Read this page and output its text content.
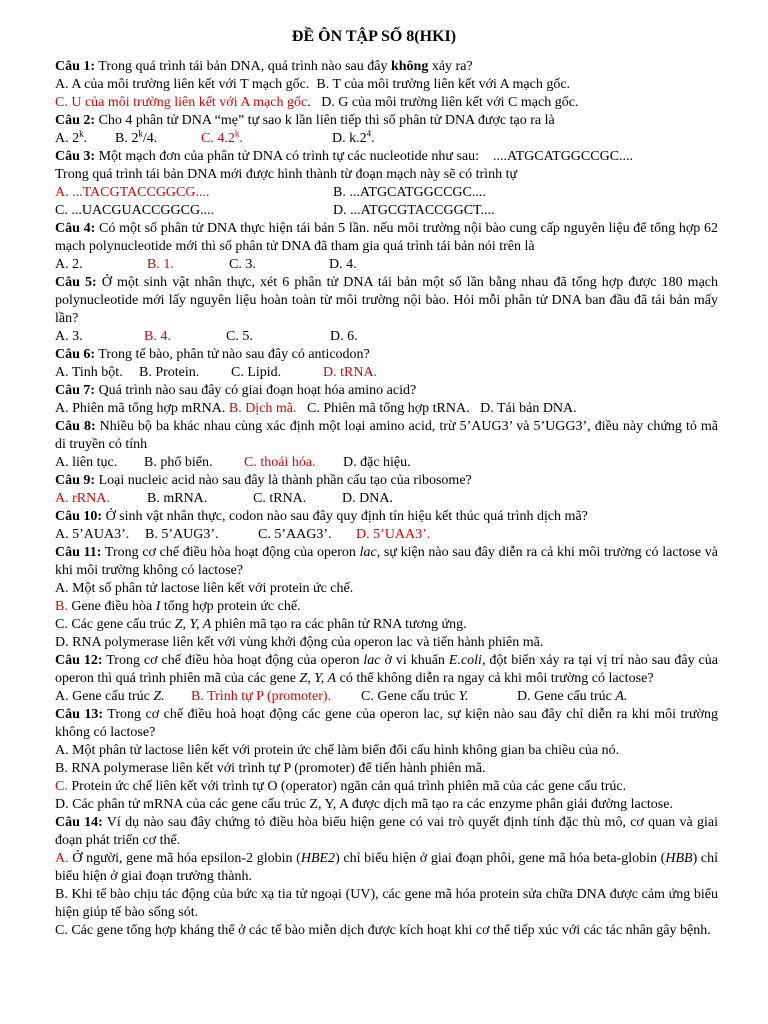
ĐỀ ÔN TẬP SỐ 8(HKI)
Câu 1: Trong quá trình tái bản DNA, quá trình nào sau đây không xảy ra?
A. A của môi trường liên kết với T mạch gốc. B. T của môi trường liên kết với A mạch gốc.
C. U của môi trường liên kết với A mạch gốc. D. G của môi trường liên kết với C mạch gốc.
Câu 2: Cho 4 phân tử DNA “mẹ” tự sao k lần liên tiếp thì số phân tử DNA được tạo ra là
A. 2$^k$.	B. 2$^k$/4.	C. 4.2$^k$.	D. $k.2^4$.
Câu 3: Một mạch đơn của phân tử DNA có trình tự các nucleotide như sau:    ....ATGCATGGCCGC....
Trong quá trình tái bản DNA mới được hình thành từ đoạn mạch này sẽ có trình tự
A. ...TACGTACCGGCG....	B. ...ATGCATGGCCGC....
C. ...UACGUACCGGCG....	D. ...ATGCGTACCGGCT....
Câu 4: Có một số phân tử DNA thực hiện tái bản 5 lần. nếu môi trường nội bào cung cấp nguyên liệu để tổng hợp 62 mạch polynucleotide mới thì số phân tử DNA đã tham gia quá trình tái bản nói trên là
A. 2.	B. 1.	C. 3.	D. 4.
Câu 5: Ở một sinh vật nhân thực, xét 6 phân tử DNA tái bản một số lần bằng nhau đã tổng hợp được 180 mạch polynucleotide mới lấy nguyên liệu hoàn toàn từ môi trường nội bào. Hỏi mỗi phân tử DNA ban đầu đã tái bản mấy lần?
A. 3.	B. 4.	C. 5.	D. 6.
Câu 6: Trong tế bào, phân tử nào sau đây có anticodon?
A. Tinh bột.	B. Protein.	C. Lipid.	D. tRNA.
Câu 7: Quá trình nào sau đây có giai đoạn hoạt hóa amino acid?
A. Phiên mã tổng hợp mRNA. B. Dịch mã. C. Phiên mã tổng hợp tRNA. D. Tái bản DNA.
Câu 8: Nhiều bộ ba khác nhau cùng xác định một loại amino acid, trừ 5’AUG3’ và 5’UGG3’, điều này chứng tỏ mã di truyền có tính
A. liên tục.	B. phổ biến.	C. thoái hóa.	D. đặc hiệu.
Câu 9: Loại nucleic acid nào sau đây là thành phần cấu tạo của ribosome?
A. rRNA.	B. mRNA.	C. tRNA.	D. DNA.
Câu 10: Ở sinh vật nhân thực, codon nào sau đây quy định tín hiệu kết thúc quá trình dịch mã?
A. 5’AUA3’.	B. 5’AUG3’.	C. 5’AAG3’.	D. 5’UAA3’.
Câu 11: Trong cơ chế điều hòa hoạt động của operon lac, sự kiện nào sau đây diễn ra cả khi môi trường có lactose và khi môi trường không có lactose?
A. Một số phân tử lactose liên kết với protein ức chế.
B. Gene điều hòa I tổng hợp protein ức chế.
C. Các gene cấu trúc Z, Y, A phiên mã tạo ra các phân tử RNA tương ứng.
D. RNA polymerase liên kết với vùng khởi động của operon lac và tiến hành phiên mã.
Câu 12: Trong cơ chế điều hòa hoạt động của operon lac ở vi khuẩn E.coli, đột biến xảy ra tại vị trí nào sau đây của operon thì quá trình phiên mã của các gene Z, Y, A có thể không diễn ra ngay cả khi môi trường có lactose?
A. Gene cấu trúc Z.	B. Trình tự P (promoter).	C. Gene cấu trúc Y.	D. Gene cấu trúc A.
Câu 13: Trong cơ chế điều hoà hoạt động các gene của operon lac, sự kiện nào sau đây chỉ diễn ra khi môi trường không có lactose?
A. Một phân tử lactose liên kết với protein ức chế làm biến đổi cấu hình không gian ba chiều của nó.
B. RNA polymerase liên kết với trình tự P (promoter) để tiến hành phiên mã.
C. Protein ức chế liên kết với trình tự O (operator) ngăn cản quá trình phiên mã của các gene cấu trúc.
D. Các phân tử mRNA của các gene cấu trúc Z, Y, A được dịch mã tạo ra các enzyme phân giải đường lactose.
Câu 14: Ví dụ nào sau đây chứng tỏ điều hòa biểu hiện gene có vai trò quyết định tính đặc thù mô, cơ quan và giai đoạn phát triển cơ thể.
A. Ở người, gene mã hóa epsilon-2 globin (HBE2) chỉ biểu hiện ở giai đoạn phôi, gene mã hóa beta-globin (HBB) chỉ biểu hiện ở giai đoạn trưởng thành.
B. Khi tế bào chịu tác động của bức xạ tia tử ngoại (UV), các gene mã hóa protein sửa chữa DNA được cảm ứng biểu hiện giúp tế bào sống sót.
C. Các gene tổng hợp kháng thể ở các tế bào miễn dịch được kích hoạt khi cơ thể tiếp xúc với các tác nhân gây bệnh.
